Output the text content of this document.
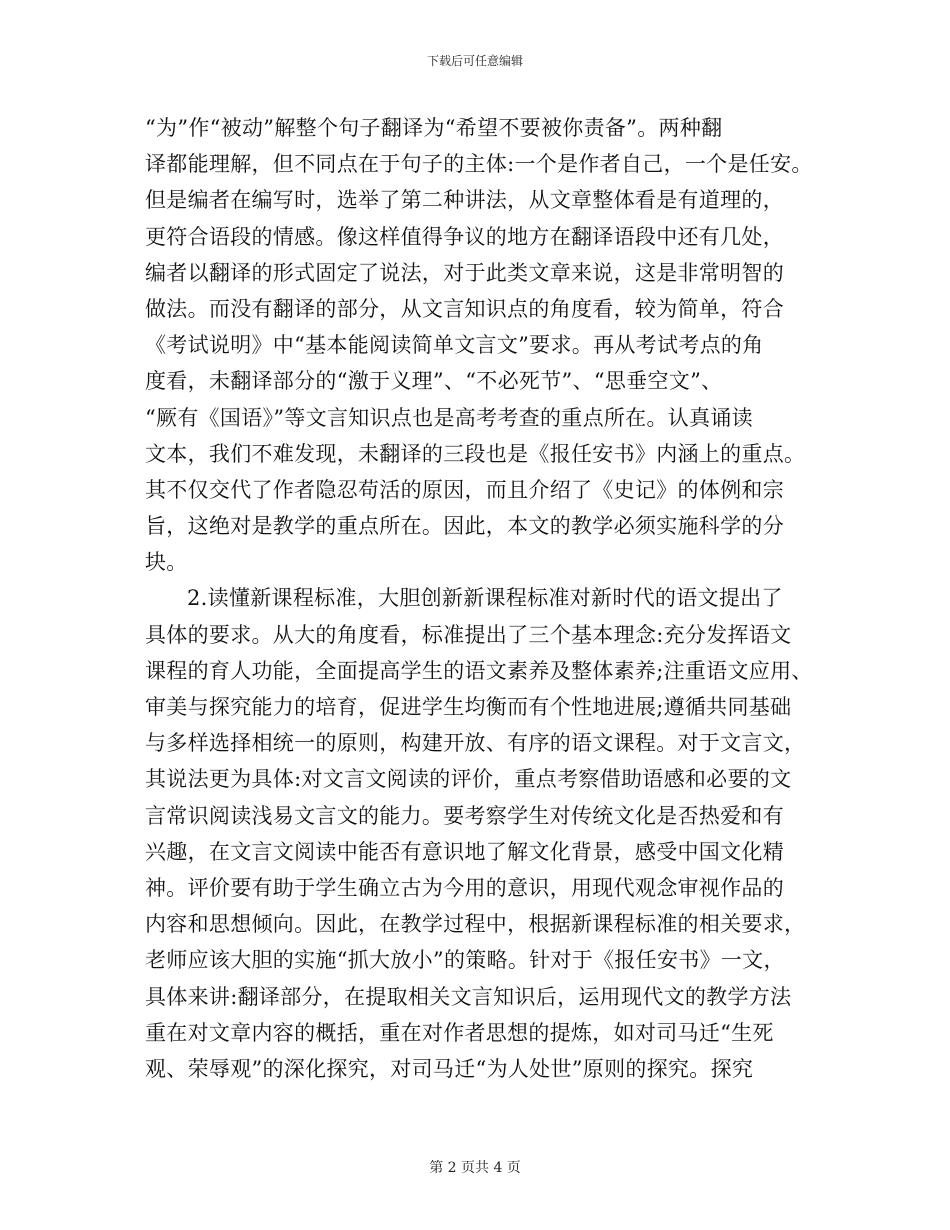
下载后可任意编辑
“为”作“被动”解整个句子翻译为“希望不要被你责备”。两种翻
译都能理解，但不同点在于句子的主体:一个是作者自己，一个是任安。
但是编者在编写时，选举了第二种讲法，从文章整体看是有道理的，
更符合语段的情感。像这样值得争议的地方在翻译语段中还有几处，
编者以翻译的形式固定了说法，对于此类文章来说，这是非常明智的
做法。而没有翻译的部分，从文言知识点的角度看，较为简单，符合
《考试说明》中“基本能阅读简单文言文”要求。再从考试考点的角
度看，未翻译部分的“激于义理”、“不必死节”、“思垂空文”、
“厥有《国语》”等文言知识点也是高考考查的重点所在。认真诵读
文本，我们不难发现，未翻译的三段也是《报任安书》内涵上的重点。
其不仅交代了作者隐忍苟活的原因，而且介绍了《史记》的体例和宗
旨，这绝对是教学的重点所在。因此，本文的教学必须实施科学的分
块。
2.读懂新课程标准，大胆创新新课程标准对新时代的语文提出了
具体的要求。从大的角度看，标准提出了三个基本理念:充分发挥语文
课程的育人功能，全面提高学生的语文素养及整体素养;注重语文应用、
审美与探究能力的培育，促进学生均衡而有个性地进展;遵循共同基础
与多样选择相统一的原则，构建开放、有序的语文课程。对于文言文，
其说法更为具体:对文言文阅读的评价，重点考察借助语感和必要的文
言常识阅读浅易文言文的能力。要考察学生对传统文化是否热爱和有
兴趣，在文言文阅读中能否有意识地了解文化背景，感受中国文化精
神。评价要有助于学生确立古为今用的意识，用现代观念审视作品的
内容和思想倾向。因此，在教学过程中，根据新课程标准的相关要求，
老师应该大胆的实施“抓大放小”的策略。针对于《报任安书》一文，
具体来讲:翻译部分，在提取相关文言知识后，运用现代文的教学方法
重在对文章内容的概括，重在对作者思想的提炼，如对司马迁“生死
观、荣辱观”的深化探究，对司马迁“为人处世”原则的探究。探究
第 2 页共 4 页
